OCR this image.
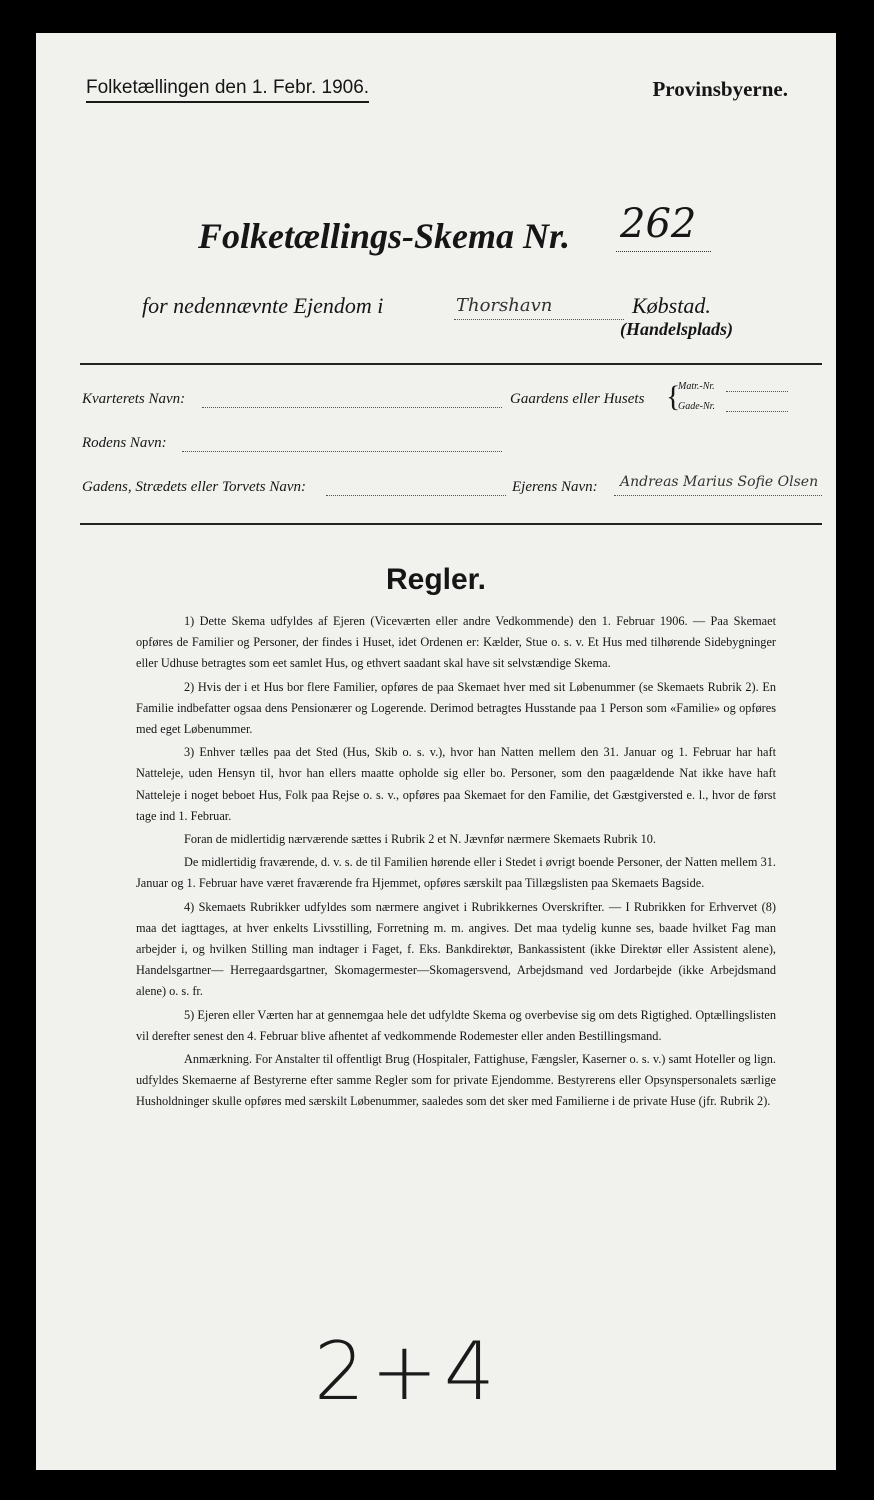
Folketællingen den 1. Febr. 1906.	Provinsbyerne.
Folketællings-Skema Nr. 262
for nedennævnte Ejendom i	Thorshavn	Købstad.
(Handelsplads)
Kvarterets Navn:	Gaardens eller Husets {
Matr.-Nr.
Gade-Nr.
Rodens Navn:
Gadens, Strædets eller Torvets Navn:	Ejerens Navn: Andreas Marius Sofie Olsen
Regler.

1) Dette Skema udfyldes af Ejeren (Viceværten eller andre Vedkommende) den 1. Februar 1906. — Paa Skemaet opføres de Familier og Personer, der findes i Huset, idet Ordenen er: Kælder, Stue o. s. v. Et Hus med tilhørende Sidebygninger eller Udhuse betragtes som eet samlet Hus, og ethvert saadant skal have sit selvstændige Skema.

2) Hvis der i et Hus bor flere Familier, opføres de paa Skemaet hver med sit Løbenummer (se Skemaets Rubrik 2). En Familie indbefatter ogsaa dens Pensionærer og Logerende. Derimod betragtes Husstande paa 1 Person som «Familie» og opføres med eget Løbenummer.

3) Enhver tælles paa det Sted (Hus, Skib o. s. v.), hvor han Natten mellem den 31. Januar og 1. Februar har haft Natteleje, uden Hensyn til, hvor han ellers maatte opholde sig eller bo. Personer, som den paagældende Nat ikke have haft Natteleje i noget beboet Hus, Folk paa Rejse o. s. v., opføres paa Skemaet for den Familie, det Gæstgiversted e. l., hvor de først tage ind 1. Februar.

Foran de midlertidig nærværende sættes i Rubrik 2 et N. Jævnfør nærmere Skemaets Rubrik 10.

De midlertidig fraværende, d. v. s. de til Familien hørende eller i Stedet i øvrigt boende Personer, der Natten mellem 31. Januar og 1. Februar have været fraværende fra Hjemmet, opføres særskilt paa Tillægslisten paa Skemaets Bagside.

4) Skemaets Rubrikker udfyldes som nærmere angivet i Rubrikkernes Overskrifter. — I Rubrikken for Erhvervet (8) maa det iagttages, at hver enkelts Livsstilling, Forretning m. m. angives. Det maa tydelig kunne ses, baade hvilket Fag man arbejder i, og hvilken Stilling man indtager i Faget, f. Eks. Bankdirektør, Bankassistent (ikke Direktør eller Assistent alene), Handelsgartner— Herregaardsgartner, Skomagermester—Skomagersvend, Arbejdsmand ved Jordarbejde (ikke Arbejdsmand alene) o. s. fr.

5) Ejeren eller Værten har at gennemgaa hele det udfyldte Skema og overbevise sig om dets Rigtighed. Optællingslisten vil derefter senest den 4. Februar blive afhentet af vedkommende Rodemester eller anden Bestillingsmand.

Anmærkning. For Anstalter til offentligt Brug (Hospitaler, Fattighuse, Fængsler, Kaserner o. s. v.) samt Hoteller og lign. udfyldes Skemaerne af Bestyrerne efter samme Regler som for private Ejendomme. Bestyrerens eller Opsynspersonalets særlige Husholdninger skulle opføres med særskilt Løbenummer, saaledes som det sker med Familierne i de private Huse (jfr. Rubrik 2).

2+4
